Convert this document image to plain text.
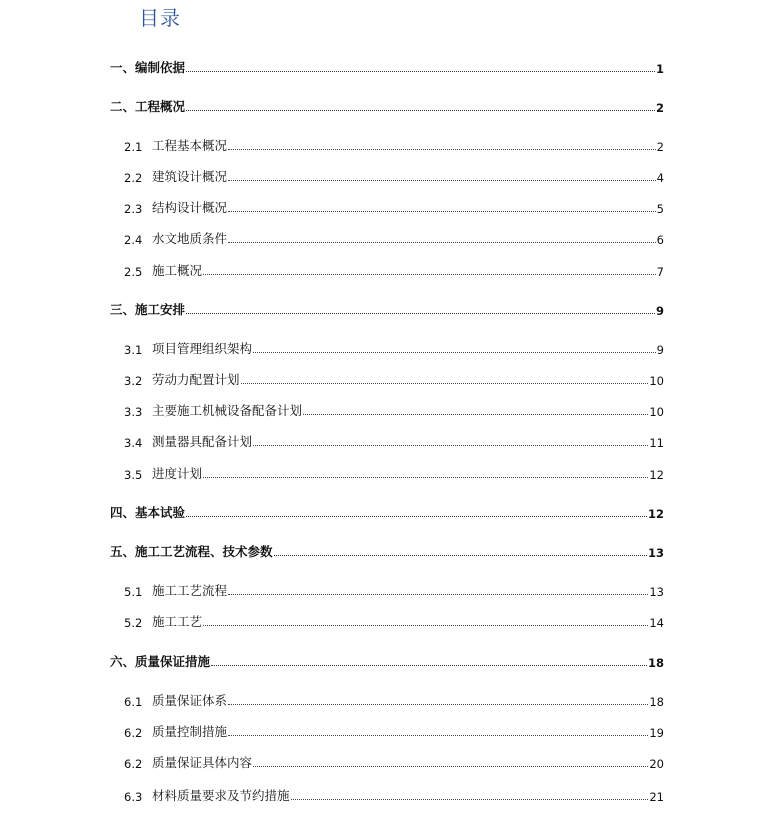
目录
一、编制依据	1
二、工程概况	2
2.1 工程基本概况	2
2.2 建筑设计概况	4
2.3 结构设计概况	5
2.4 水文地质条件	6
2.5 施工概况	7
三、施工安排	9
3.1 项目管理组织架构	9
3.2 劳动力配置计划	10
3.3 主要施工机械设备配备计划	10
3.4 测量器具配备计划	11
3.5 进度计划	12
四、基本试验	12
五、施工工艺流程、技术参数	13
5.1 施工工艺流程	13
5.2 施工工艺	14
六、质量保证措施	18
6.1 质量保证体系	18
6.2 质量控制措施	19
6.2 质量保证具体内容	20
6.3 材料质量要求及节约措施	21
